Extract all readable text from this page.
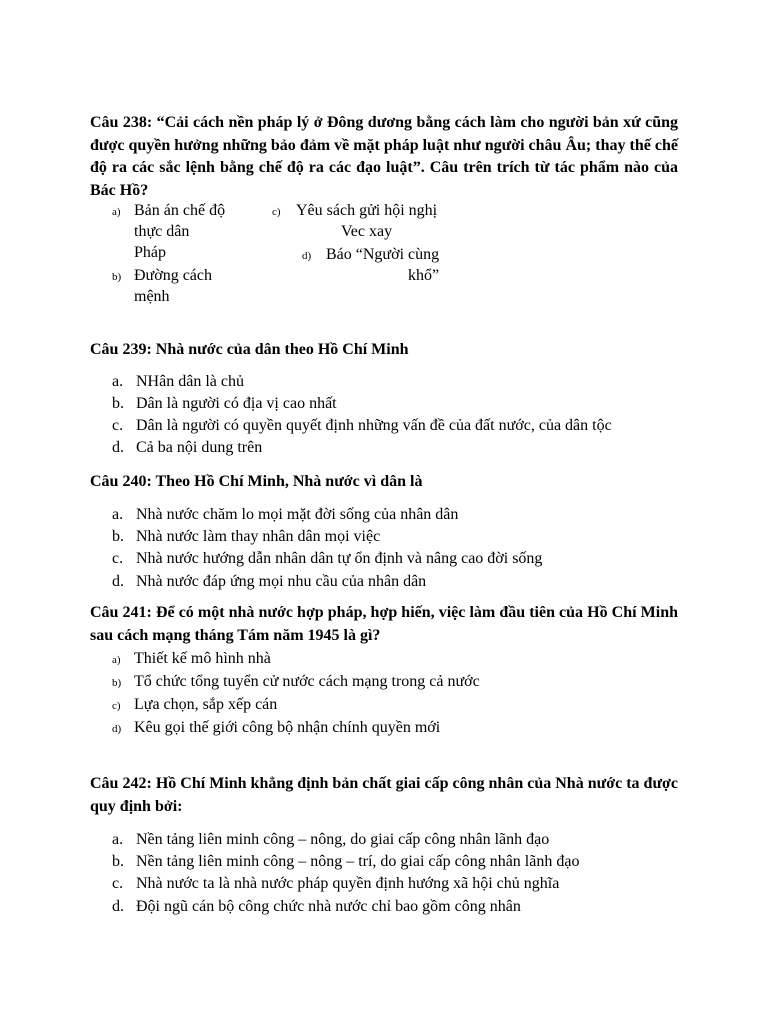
Câu 238: “Cải cách nền pháp lý ở Đông dương bằng cách làm cho người bản xứ cũng được quyền hưởng những bảo đảm về mặt pháp luật như người châu Âu; thay thế chế độ ra các sắc lệnh bằng chế độ ra các đạo luật”. Câu trên trích từ tác phẩm nào của Bác Hồ?

a) Bản án chế độ
thực dân
Pháp
b) Đường cách
mệnh
c) Yêu sách gửi hội nghị
Vec xay
d) Báo “Người cùng
khổ”

Câu 239: Nhà nước của dân theo Hồ Chí Minh

a. NHân dân là chủ
b. Dân là người có địa vị cao nhất
c. Dân là người có quyền quyết định những vấn đề của đất nước, của dân tộc
d. Cả ba nội dung trên

Câu 240: Theo Hồ Chí Minh, Nhà nước vì dân là

a. Nhà nước chăm lo mọi mặt đời sống của nhân dân
b. Nhà nước làm thay nhân dân mọi việc
c. Nhà nước hướng dẫn nhân dân tự ổn định và nâng cao đời sống
d. Nhà nước đáp ứng mọi nhu cầu của nhân dân

Câu 241: Để có một nhà nước hợp pháp, hợp hiến, việc làm đầu tiên của Hồ Chí Minh sau cách mạng tháng Tám năm 1945 là gì?

a) Thiết kế mô hình nhà
b) Tổ chức tổng tuyển cử nước cách mạng trong cả nước
c) Lựa chọn, sắp xếp cán
d) Kêu gọi thế giới công bộ nhận chính quyền mới

Câu 242: Hồ Chí Minh khẳng định bản chất giai cấp công nhân của Nhà nước ta được quy định bởi:

a. Nền tảng liên minh công – nông, do giai cấp công nhân lãnh đạo
b. Nền tảng liên minh công – nông – trí, do giai cấp công nhân lãnh đạo
c. Nhà nước ta là nhà nước pháp quyền định hướng xã hội chủ nghĩa
d. Đội ngũ cán bộ công chức nhà nước chỉ bao gồm công nhân
